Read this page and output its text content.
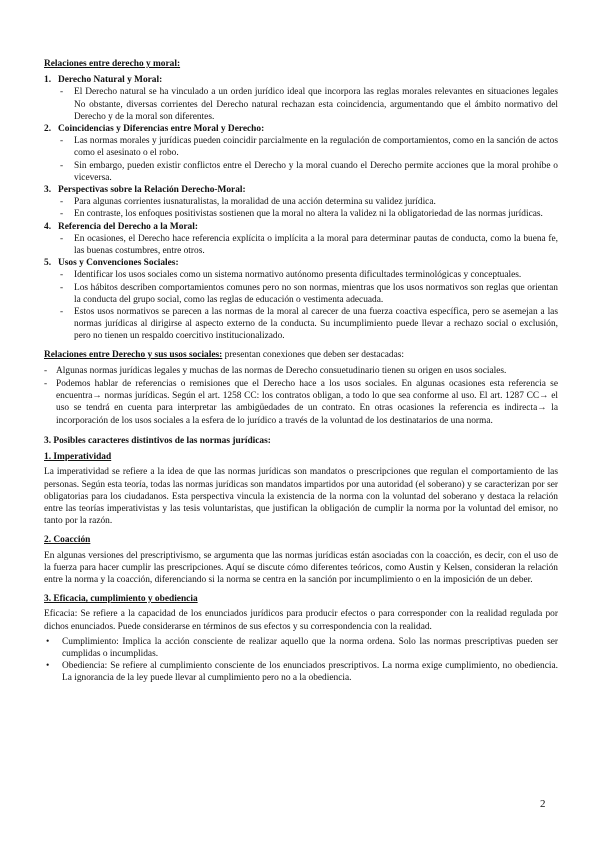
Relaciones entre derecho y moral:
1. Derecho Natural y Moral:
-	El Derecho natural se ha vinculado a un orden jurídico ideal que incorpora las reglas morales relevantes en situaciones legales No obstante, diversas corrientes del Derecho natural rechazan esta coincidencia, argumentando que el ámbito normativo del Derecho y de la moral son diferentes.
2. Coincidencias y Diferencias entre Moral y Derecho:
-	Las normas morales y jurídicas pueden coincidir parcialmente en la regulación de comportamientos, como en la sanción de actos como el asesinato o el robo.
-	Sin embargo, pueden existir conflictos entre el Derecho y la moral cuando el Derecho permite acciones que la moral prohíbe o viceversa.
3. Perspectivas sobre la Relación Derecho-Moral:
-	Para algunas corrientes iusnaturalistas, la moralidad de una acción determina su validez jurídica.
-	En contraste, los enfoques positivistas sostienen que la moral no altera la validez ni la obligatoriedad de las normas jurídicas.
4. Referencia del Derecho a la Moral:
-	En ocasiones, el Derecho hace referencia explícita o implícita a la moral para determinar pautas de conducta, como la buena fe, las buenas costumbres, entre otros.
5. Usos y Convenciones Sociales:
-	Identificar los usos sociales como un sistema normativo autónomo presenta dificultades terminológicas y conceptuales.
-	Los hábitos describen comportamientos comunes pero no son normas, mientras que los usos normativos son reglas que orientan la conducta del grupo social, como las reglas de educación o vestimenta adecuada.
-	Estos usos normativos se parecen a las normas de la moral al carecer de una fuerza coactiva específica, pero se asemejan a las normas jurídicas al dirigirse al aspecto externo de la conducta. Su incumplimiento puede llevar a rechazo social o exclusión, pero no tienen un respaldo coercitivo institucionalizado.
Relaciones entre Derecho y sus usos sociales: presentan conexiones que deben ser destacadas:
- Algunas normas jurídicas legales y muchas de las normas de Derecho consuetudinario tienen su origen en usos sociales.
- Podemos hablar de referencias o remisiones que el Derecho hace a los usos sociales. En algunas ocasiones esta referencia se encuentra→ normas jurídicas. Según el art. 1258 CC: los contratos obligan, a todo lo que sea conforme al uso. El art. 1287 CC→ el uso se tendrá en cuenta para interpretar las ambigüedades de un contrato. En otras ocasiones la referencia es indirecta→ la incorporación de los usos sociales a la esfera de lo jurídico a través de la voluntad de los destinatarios de una norma.
3. Posibles caracteres distintivos de las normas jurídicas:
1. Imperatividad

La imperatividad se refiere a la idea de que las normas jurídicas son mandatos o prescripciones que regulan el comportamiento de las personas. Según esta teoría, todas las normas jurídicas son mandatos impartidos por una autoridad (el soberano) y se caracterizan por ser obligatorias para los ciudadanos. Esta perspectiva vincula la existencia de la norma con la voluntad del soberano y destaca la relación entre las teorías imperativistas y las tesis voluntaristas, que justifican la obligación de cumplir la norma por la voluntad del emisor, no tanto por la razón.

2. Coacción

En algunas versiones del prescriptivismo, se argumenta que las normas jurídicas están asociadas con la coacción, es decir, con el uso de la fuerza para hacer cumplir las prescripciones. Aquí se discute cómo diferentes teóricos, como Austin y Kelsen, consideran la relación entre la norma y la coacción, diferenciando si la norma se centra en la sanción por incumplimiento o en la imposición de un deber.

3. Eficacia, cumplimiento y obediencia

Eficacia: Se refiere a la capacidad de los enunciados jurídicos para producir efectos o para corresponder con la realidad regulada por dichos enunciados. Puede considerarse en términos de sus efectos y su correspondencia con la realidad.

•	Cumplimiento: Implica la acción consciente de realizar aquello que la norma ordena. Solo las normas prescriptivas pueden ser cumplidas o incumplidas.
•	Obediencia: Se refiere al cumplimiento consciente de los enunciados prescriptivos. La norma exige cumplimiento, no obediencia. La ignorancia de la ley puede llevar al cumplimiento pero no a la obediencia.
2
